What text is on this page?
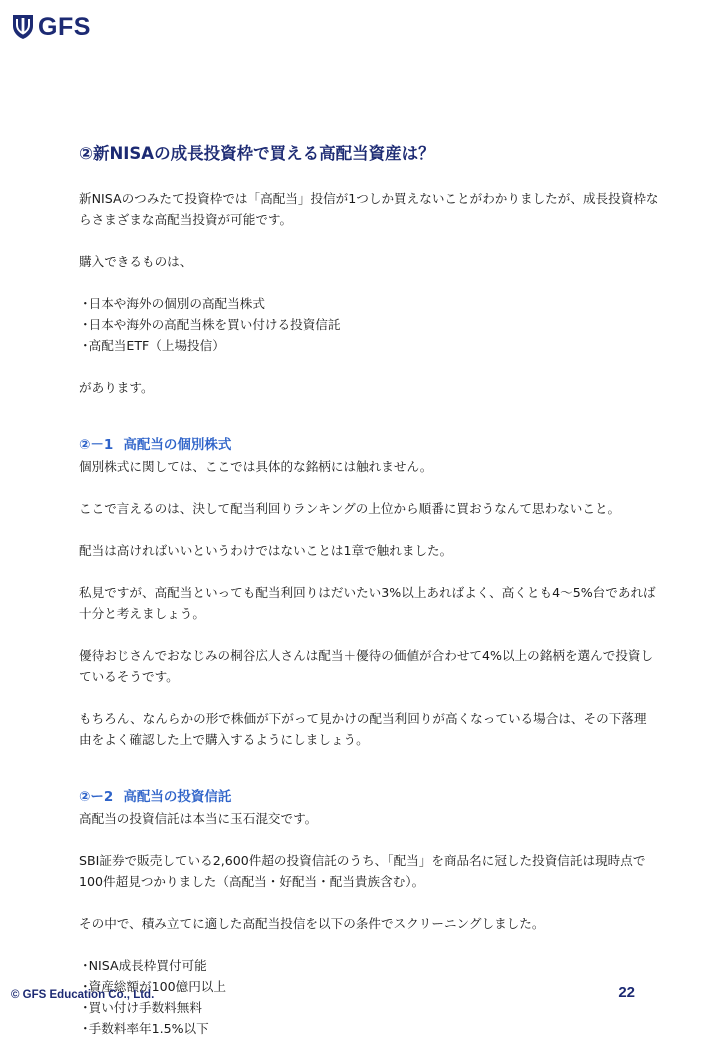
GFS
②新NISAの成長投資枠で買える高配当資産は？

新NISAのつみたて投資枠では「高配当」投信が1つしか買えないことがわかりましたが、成長投資枠ならさまざまな高配当投資が可能です。

購入できるものは、

・ 日本や海外の個別の高配当株式
・ 日本や海外の高配当株を買い付ける投資信託
・ 高配当ETF（上場投信）

があります。

②－1 高配当の個別株式

個別株式に関しては、ここでは具体的な銘柄には触れません。

ここで言えるのは、決して配当利回りランキングの上位から順番に買おうなんて思わないこと。

配当は高ければいいというわけではないことは1章で触れました。

私見ですが、高配当といっても配当利回りはだいたい3%以上あればよく、高くとも4～5%台であれば十分と考えましょう。

優待おじさんでおなじみの桐谷広人さんは配当＋優待の価値が合わせて4%以上の銘柄を選んで投資しているそうです。

もちろん、なんらかの形で株価が下がって見かけの配当利回りが高くなっている場合は、その下落理由をよく確認した上で購入するようにしましょう。

②ー2 高配当の投資信託

高配当の投資信託は本当に玉石混交です。

SBI証券で販売している2,600件超の投資信託のうち、「配当」を商品名に冠した投資信託は現時点で100件超見つかりました（高配当・好配当・配当貴族含む）。

その中で、積み立てに適した高配当投信を以下の条件でスクリーニングしました。

・ NISA成長枠買付可能
・ 資産総額が100億円以上
・ 買い付け手数料無料
・ 手数料率年1.5%以下
© GFS Education Co., Ltd.	22
